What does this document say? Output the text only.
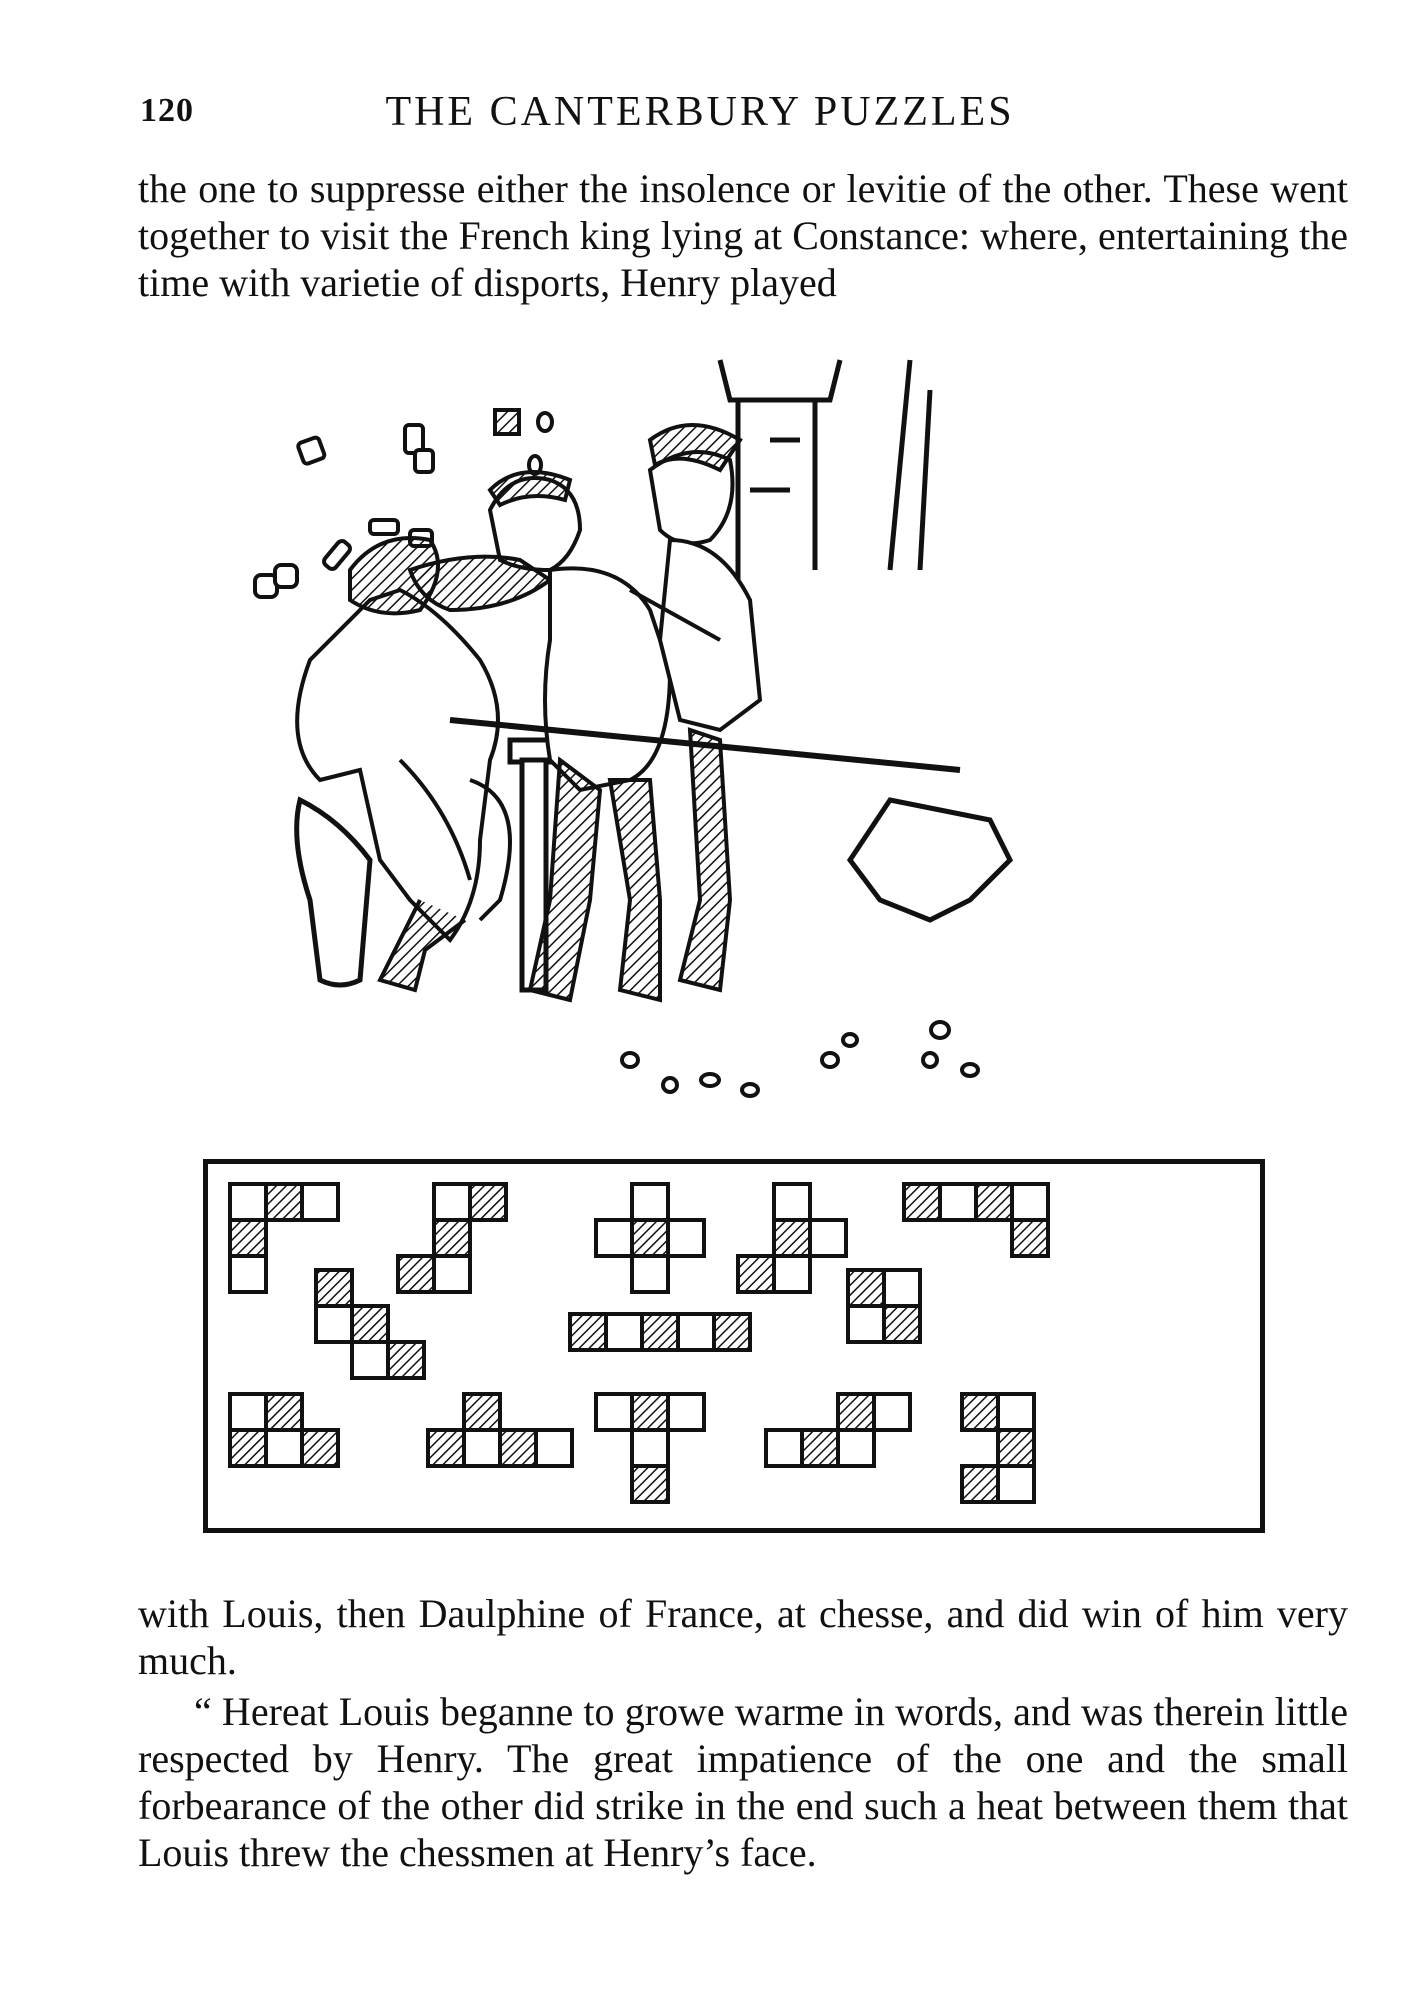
120	THE CANTERBURY PUZZLES

the one to suppresse either the insolence or levitie of the other. These went together to visit the French king lying at Constance: where, entertaining the time with varietie of disports, Henry played

with Louis, then Daulphine of France, at chesse, and did win of him very much.

“ Hereat Louis beganne to growe warme in words, and was therein little respected by Henry. The great impatience of the one and the small forbearance of the other did strike in the end such a heat between them that Louis threw the chessmen at Henry’s face.
